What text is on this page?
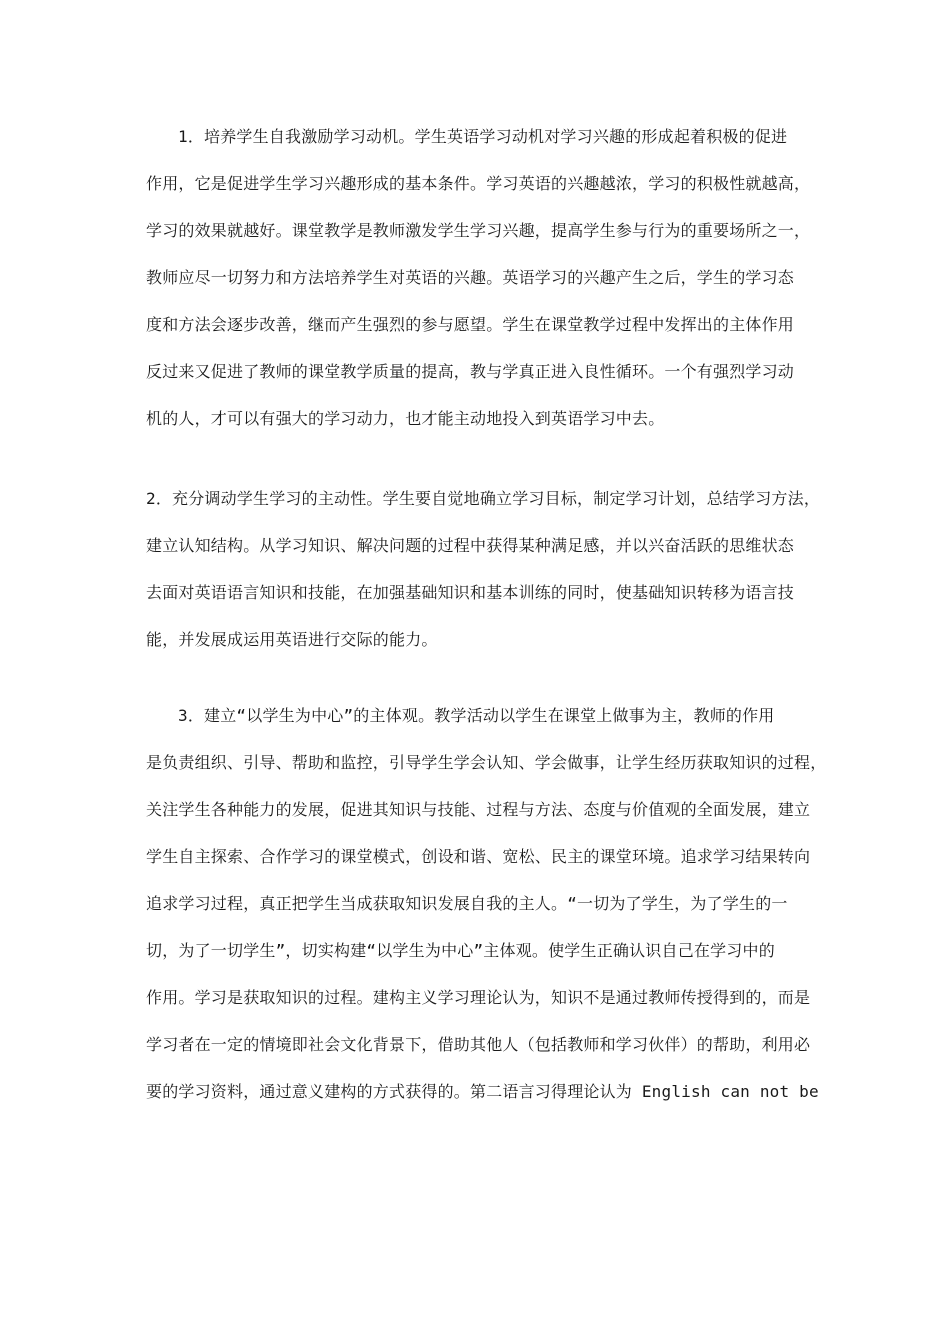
1．培养学生自我激励学习动机。学生英语学习动机对学习兴趣的形成起着积极的促进
作用，它是促进学生学习兴趣形成的基本条件。学习英语的兴趣越浓，学习的积极性就越高，
学习的效果就越好。课堂教学是教师激发学生学习兴趣，提高学生参与行为的重要场所之一，
教师应尽一切努力和方法培养学生对英语的兴趣。英语学习的兴趣产生之后，学生的学习态
度和方法会逐步改善，继而产生强烈的参与愿望。学生在课堂教学过程中发挥出的主体作用
反过来又促进了教师的课堂教学质量的提高，教与学真正进入良性循环。一个有强烈学习动
机的人，才可以有强大的学习动力，也才能主动地投入到英语学习中去。
2．充分调动学生学习的主动性。学生要自觉地确立学习目标，制定学习计划，总结学习方法，
建立认知结构。从学习知识、解决问题的过程中获得某种满足感，并以兴奋活跃的思维状态
去面对英语语言知识和技能，在加强基础知识和基本训练的同时，使基础知识转移为语言技
能，并发展成运用英语进行交际的能力。
3．建立“以学生为中心”的主体观。教学活动以学生在课堂上做事为主，教师的作用
是负责组织、引导、帮助和监控，引导学生学会认知、学会做事，让学生经历获取知识的过程，
关注学生各种能力的发展，促进其知识与技能、过程与方法、态度与价值观的全面发展，建立
学生自主探索、合作学习的课堂模式，创设和谐、宽松、民主的课堂环境。追求学习结果转向
追求学习过程，真正把学生当成获取知识发展自我的主人。“一切为了学生，为了学生的一
切，为了一切学生”，切实构建“以学生为中心”主体观。使学生正确认识自己在学习中的
作用。学习是获取知识的过程。建构主义学习理论认为，知识不是通过教师传授得到的，而是
学习者在一定的情境即社会文化背景下，借助其他人（包括教师和学习伙伴）的帮助，利用必
要的学习资料，通过意义建构的方式获得的。第二语言习得理论认为 English can not be
